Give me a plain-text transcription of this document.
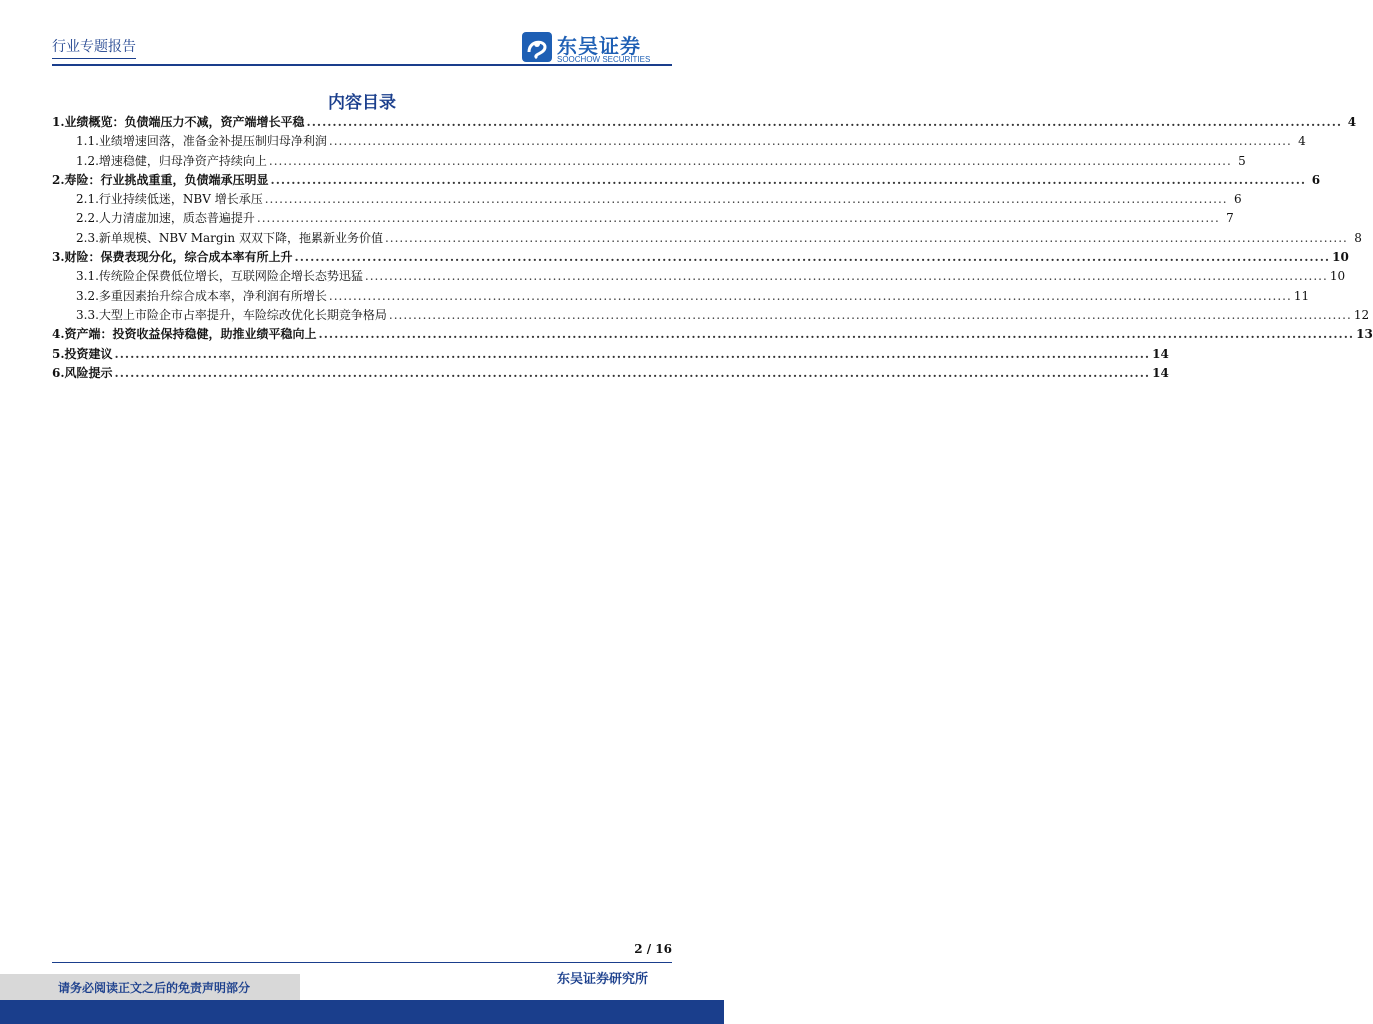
行业专题报告	东吴证券
SOOCHOW SECURITIES
内容目录
1. 业绩概览：负债端压力不减，资产端增长平稳 ........................................................................................................................................................................................................ 4
1.1. 业绩增速回落，准备金补提压制归母净利润 ........................................................................................................................................................................................................ 4
1.2. 增速稳健，归母净资产持续向上 ........................................................................................................................................................................................................ 5
2. 寿险：行业挑战重重，负债端承压明显 ........................................................................................................................................................................................................ 6
2.1. 行业持续低迷，NBV 增长承压 ........................................................................................................................................................................................................ 6
2.2. 人力清虚加速，质态普遍提升 ........................................................................................................................................................................................................ 7
2.3. 新单规模、NBV Margin 双双下降，拖累新业务价值 ........................................................................................................................................................................................................ 8
3. 财险：保费表现分化，综合成本率有所上升 ........................................................................................................................................................................................................ 10
3.1. 传统险企保费低位增长，互联网险企增长态势迅猛 ........................................................................................................................................................................................................ 10
3.2. 多重因素抬升综合成本率，净利润有所增长 ........................................................................................................................................................................................................ 11
3.3. 大型上市险企市占率提升，车险综改优化长期竞争格局 ........................................................................................................................................................................................................ 12
4. 资产端：投资收益保持稳健，助推业绩平稳向上 ........................................................................................................................................................................................................ 13
5. 投资建议 ........................................................................................................................................................................................................ 14
6. 风险提示 ........................................................................................................................................................................................................ 14
2 / 16
东吴证券研究所
请务必阅读正文之后的免责声明部分
